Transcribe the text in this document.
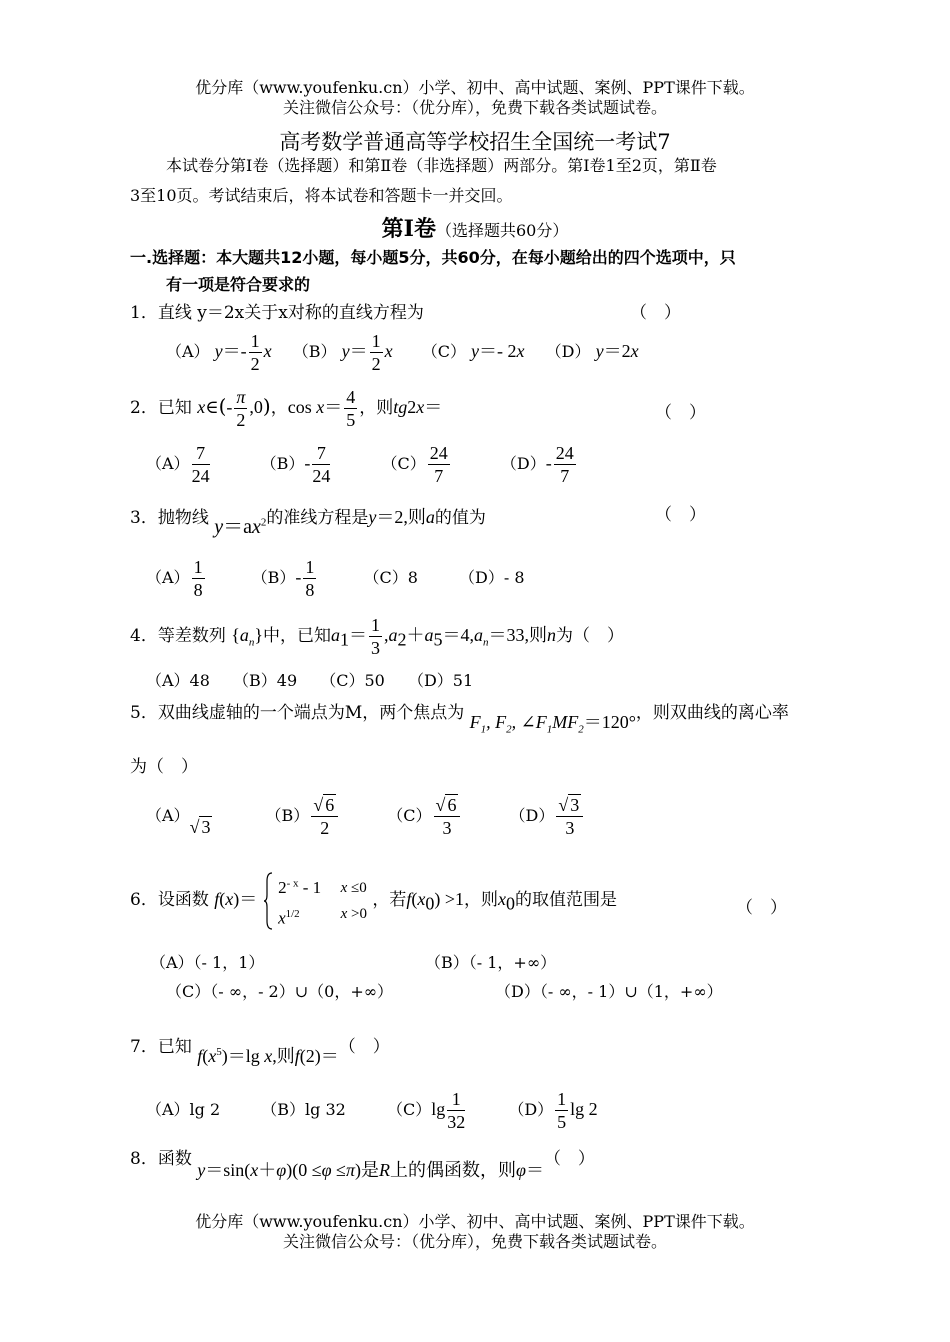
优分库（www.youfenku.cn）小学、初中、高中试题、案例、PPT课件下载。
关注微信公众号：（优分库），免费下载各类试题试卷。
高考数学普通高等学校招生全国统一考试7
本试卷分第Ⅰ卷（选择题）和第Ⅱ卷（非选择题）两部分。第Ⅰ卷1至2页，第Ⅱ卷
3至10页。考试结束后，将本试卷和答题卡一并交回。
第Ⅰ卷（选择题共60分）
一.选择题：本大题共12小题，每小题5分，共60分，在每小题给出的四个选项中，只
有一项是符合要求的
1．直线 y＝2x关于x对称的直线方程为	（　）
（A） $y=- \frac{1}{2}$ x （B） $y= \frac{1}{2}$ x （C） y＝- 2x （D） y＝2x
2．已知 x∈(- $\frac{\pi}{2} ,0$)，$\cos x= \frac{4}{5}$ ，则tg2x＝	（　）
$(A) \frac{7}{24}$	$(B)- \frac{7}{24}$	$(C) \frac{24}{7}$	$(D)- \frac{24}{7}$
3．抛物线 $y=ax^2$的准线方程是y＝2,则a的值为	（　）
$(A) \frac{1}{8}$	$(B)- \frac{1}{8}$	（C）8	（D）- 8
4．等差数列 $\{a_n\}$中，已知$a_1= \frac{1}{3} ,a_2+a_5=4,a_n=33$,则n为（　）
（A）48 （B）49 （C）50 （D）51
5．双曲线虚轴的一个端点为M，两个焦点为 $F_1$, $F_2$, $\angle F_1MF_2=120^\circ$，则双曲线的离心率
为（　）
（A）√ 3 $(B) \frac{√ 6}{2}$	$(C) \frac{√ 6}{3}$	$(D) \frac{√ 3}{3}$
6．设函数 $f(x)= 2^{- x} - 1$
$x^{1/2}$ x ≤0
x >0 ，若$f(x_0) >1$，则$x_0$的取值范围是	（　）
（A）（- 1，1）	（B）（- 1，+∞）
（C）（- ∞，- 2）∪（0，+∞）	（D）（- ∞，- 1）∪（1，+∞）
7．已知 $f(x^5)=\lg$ x,则f(2)＝（　）
（A）lg 2	（B）lg 32	$(C)\lg \frac{1}{32}$	$(D) \frac{1}{5}$ lg 2
8．函数 y＝sin(x＋φ)(0 ≤φ ≤π)是R上的偶函数，则φ＝（　）
优分库（www.youfenku.cn）小学、初中、高中试题、案例、PPT课件下载。
关注微信公众号：（优分库），免费下载各类试题试卷。
